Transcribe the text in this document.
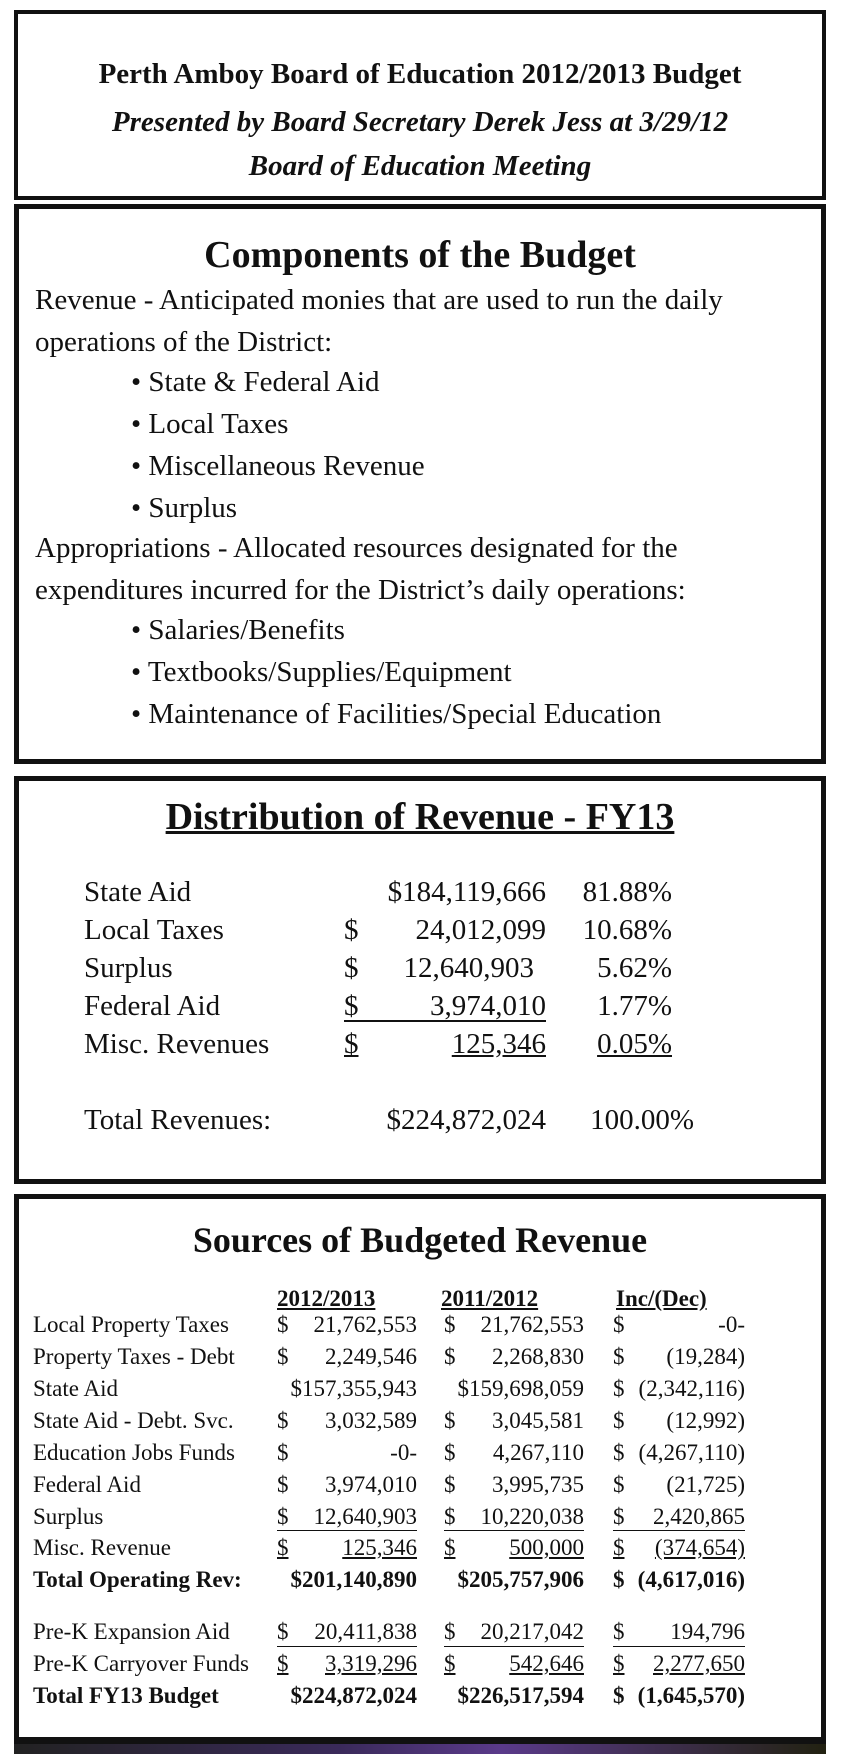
Perth Amboy Board of Education 2012/2013 Budget
Presented by Board Secretary Derek Jess at 3/29/12 Board of Education Meeting
Components of the Budget
Revenue - Anticipated monies that are used to run the daily operations of the District:
• State & Federal Aid
• Local Taxes
• Miscellaneous Revenue
• Surplus
Appropriations - Allocated resources designated for the expenditures incurred for the District’s daily operations:
• Salaries/Benefits
• Textbooks/Supplies/Equipment
• Maintenance of Facilities/Special Education
Distribution of Revenue - FY13
State Aid	$184,119,666	81.88%
Local Taxes	$ 24,012,099	10.68%
Surplus	$ 12,640,903	5.62%
Federal Aid	$ 3,974,010	1.77%
Misc. Revenues	$	125,346	0.05%
Total Revenues:	$224,872,024	100.00%
Sources of Budgeted Revenue
2012/2013	2011/2012	Inc/(Dec)
Local Property Taxes $ 21,762,553 $ 21,762,553 $	-0-
Property Taxes - Debt $ 2,249,546 $ 2,268,830 $ (19,284)
State Aid	$157,355,943 $159,698,059 $ (2,342,116)
State Aid - Debt. Svc. $ 3,032,589 $ 3,045,581 $ (12,992)
Education Jobs Funds $	-0- $ 4,267,110 $ (4,267,110)
Federal Aid	$ 3,974,010 $ 3,995,735 $ (21,725)
Surplus	$ 12,640,903 $ 10,220,038 $ 2,420,865
Misc. Revenue	$ 125,346 $ 500,000 $ (374,654)
Total Operating Rev: $201,140,890 $205,757,906 $ (4,617,016)
Pre-K Expansion Aid $ 20,411,838 $ 20,217,042 $ 194,796
Pre-K Carryover Funds $ 3,319,296 $ 542,646 $ 2,277,650
Total FY13 Budget	$224,872,024 $226,517,594 $ (1,645,570)
